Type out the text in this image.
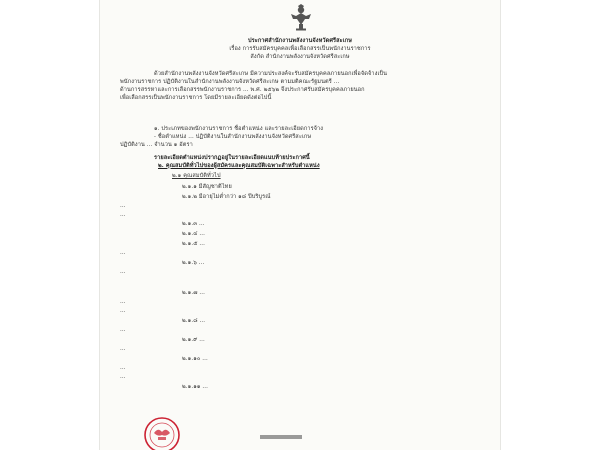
ประกาศสำนักงานพลังงานจังหวัดศรีสะเกษ
เรื่อง การรับสมัครบุคคลเพื่อเลือกสรรเป็นพนักงานราชการ
สังกัด สำนักงานพลังงานจังหวัดศรีสะเกษ
ด้วยสำนักงานพลังงานจังหวัดศรีสะเกษ มีความประสงค์จะรับสมัครบุคคลภายนอกเพื่อจัดจ้างเป็น
พนักงานราชการ ปฏิบัติงานในสำนักงานพลังงานจังหวัดศรีสะเกษ ตามมติคณะรัฐมนตรี ...
ด้านการสรรหาและการเลือกสรรพนักงานราชการ ... พ.ศ. ๒๕๖๒ จึงประกาศรับสมัครบุคคลภายนอก
เพื่อเลือกสรรเป็นพนักงานราชการ โดยมีรายละเอียดดังต่อไปนี้
๑. ประเภทของพนักงานราชการ ชื่อตำแหน่ง และรายละเอียดการจ้าง
- ชื่อตำแหน่ง ... ปฏิบัติงานในสำนักงานพลังงานจังหวัดศรีสะเกษ
ปฏิบัติงาน ... จำนวน ๑ อัตรา
รายละเอียดตำแหน่งปรากฏอยู่ในรายละเอียดแนบท้ายประกาศนี้
๒. คุณสมบัติทั่วไปของผู้สมัครและคุณสมบัติเฉพาะสำหรับตำแหน่ง
๒.๑ คุณสมบัติทั่วไป
๒.๑.๑ มีสัญชาติไทย
๒.๑.๒ มีอายุไม่ต่ำกว่า ๑๘ ปีบริบูรณ์
...
...
๒.๑.๓ ...
๒.๑.๔ ...
๒.๑.๕ ...
...
๒.๑.๖ ...
...
๒.๑.๗ ...
...
...
๒.๑.๘ ...
...
๒.๑.๙ ...
...
๒.๑.๑๐ ...
...
...
๒.๑.๑๑ ...
